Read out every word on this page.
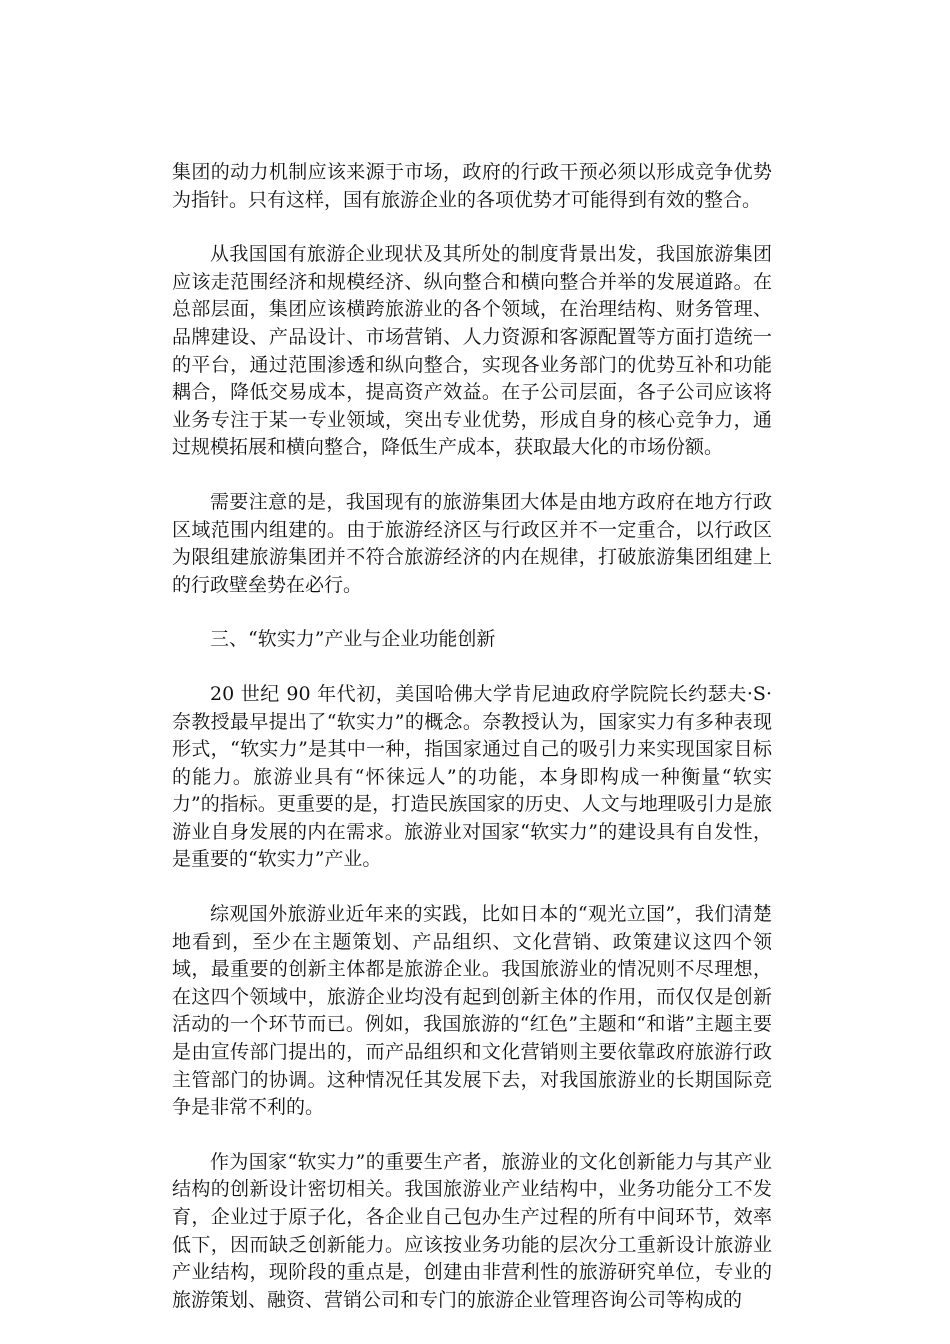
集团的动力机制应该来源于市场，政府的行政干预必须以形成竞争优势为指针。只有这样，国有旅游企业的各项优势才可能得到有效的整合。

从我国国有旅游企业现状及其所处的制度背景出发，我国旅游集团应该走范围经济和规模经济、纵向整合和横向整合并举的发展道路。在总部层面，集团应该横跨旅游业的各个领域，在治理结构、财务管理、品牌建设、产品设计、市场营销、人力资源和客源配置等方面打造统一的平台，通过范围渗透和纵向整合，实现各业务部门的优势互补和功能耦合，降低交易成本，提高资产效益。在子公司层面，各子公司应该将业务专注于某一专业领域，突出专业优势，形成自身的核心竞争力，通过规模拓展和横向整合，降低生产成本，获取最大化的市场份额。

需要注意的是，我国现有的旅游集团大体是由地方政府在地方行政区域范围内组建的。由于旅游经济区与行政区并不一定重合，以行政区为限组建旅游集团并不符合旅游经济的内在规律，打破旅游集团组建上的行政壁垒势在必行。

三、“软实力”产业与企业功能创新

20 世纪 90 年代初，美国哈佛大学肯尼迪政府学院院长约瑟夫·S·奈教授最早提出了“软实力”的概念。奈教授认为，国家实力有多种表现形式，“软实力”是其中一种，指国家通过自己的吸引力来实现国家目标的能力。旅游业具有“怀徕远人”的功能，本身即构成一种衡量“软实力”的指标。更重要的是，打造民族国家的历史、人文与地理吸引力是旅游业自身发展的内在需求。旅游业对国家“软实力”的建设具有自发性，是重要的“软实力”产业。

综观国外旅游业近年来的实践，比如日本的“观光立国”，我们清楚地看到，至少在主题策划、产品组织、文化营销、政策建议这四个领域，最重要的创新主体都是旅游企业。我国旅游业的情况则不尽理想，在这四个领域中，旅游企业均没有起到创新主体的作用，而仅仅是创新活动的一个环节而已。例如，我国旅游的“红色”主题和“和谐”主题主要是由宣传部门提出的，而产品组织和文化营销则主要依靠政府旅游行政主管部门的协调。这种情况任其发展下去，对我国旅游业的长期国际竞争是非常不利的。

作为国家“软实力”的重要生产者，旅游业的文化创新能力与其产业结构的创新设计密切相关。我国旅游业产业结构中，业务功能分工不发育，企业过于原子化，各企业自己包办生产过程的所有中间环节，效率低下，因而缺乏创新能力。应该按业务功能的层次分工重新设计旅游业产业结构，现阶段的重点是，创建由非营利性的旅游研究单位，专业的旅游策划、融资、营销公司和专门的旅游企业管理咨询公司等构成的
